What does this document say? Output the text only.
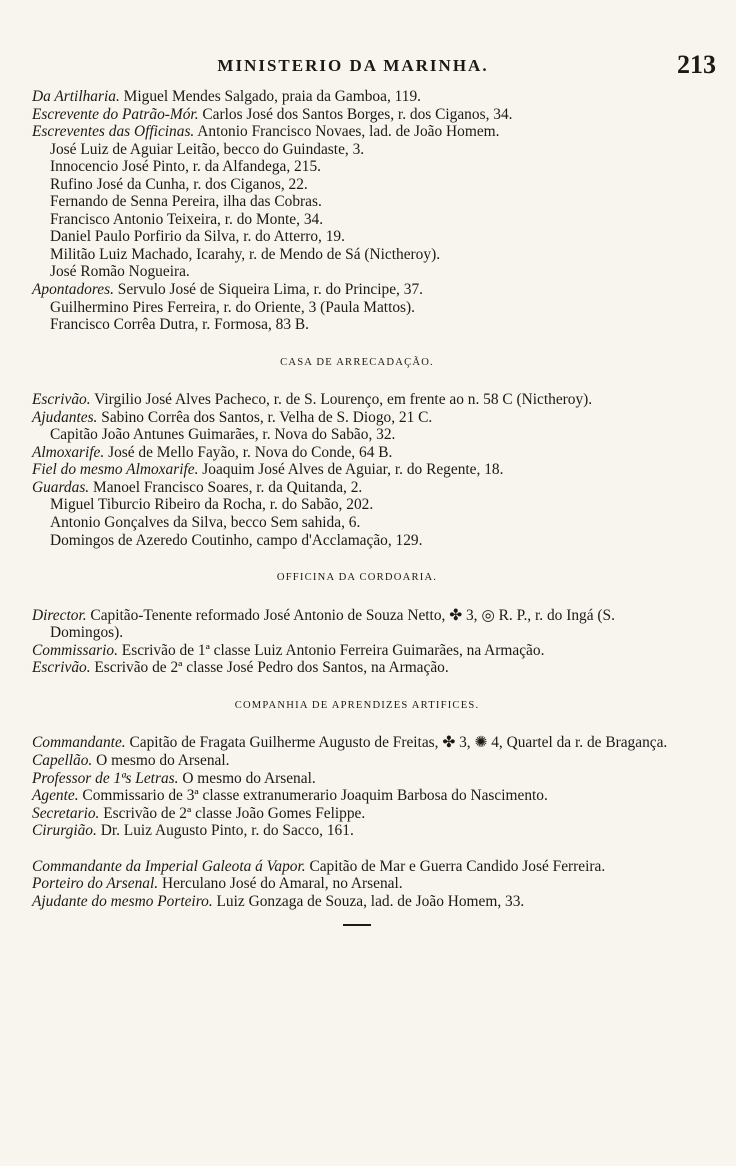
MINISTERIO DA MARINHA.	213
Da Artilharia. Miguel Mendes Salgado, praia da Gamboa, 119.
Escrevente do Patrão-Mór. Carlos José dos Santos Borges, r. dos Ciganos, 34.
Escreventes das Officinas. Antonio Francisco Novaes, lad. de João Homem.
José Luiz de Aguiar Leitão, becco do Guindaste, 3.
Innocencio José Pinto, r. da Alfandega, 215.
Rufino José da Cunha, r. dos Ciganos, 22.
Fernando de Senna Pereira, ilha das Cobras.
Francisco Antonio Teixeira, r. do Monte, 34.
Daniel Paulo Porfirio da Silva, r. do Atterro, 19.
Militão Luiz Machado, Icarahy, r. de Mendo de Sá (Nictheroy).
José Romão Nogueira.
Apontadores. Servulo José de Siqueira Lima, r. do Principe, 37.
Guilhermino Pires Ferreira, r. do Oriente, 3 (Paula Mattos).
Francisco Corrêa Dutra, r. Formosa, 83 B.
CASA DE ARRECADAÇÃO.
Escrivão. Virgilio José Alves Pacheco, r. de S. Lourenço, em frente ao n. 58 C (Nictheroy).
Ajudantes. Sabino Corrêa dos Santos, r. Velha de S. Diogo, 21 C.
Capitão João Antunes Guimarães, r. Nova do Sabão, 32.
Almoxarife. José de Mello Fayão, r. Nova do Conde, 64 B.
Fiel do mesmo Almoxarife. Joaquim José Alves de Aguiar, r. do Regente, 18.
Guardas. Manoel Francisco Soares, r. da Quitanda, 2.
Miguel Tiburcio Ribeiro da Rocha, r. do Sabão, 202.
Antonio Gonçalves da Silva, becco Sem sahida, 6.
Domingos de Azeredo Coutinho, campo d'Acclamação, 129.
OFFICINA DA CORDOARIA.
Director. Capitão-Tenente reformado José Antonio de Souza Netto, ✤ 3, ◎ R. P., r. do Ingá (S. Domingos).
Commissario. Escrivão de 1ª classe Luiz Antonio Ferreira Guimarães, na Armação.
Escrivão. Escrivão de 2ª classe José Pedro dos Santos, na Armação.
COMPANHIA DE APRENDIZES ARTIFICES.
Commandante. Capitão de Fragata Guilherme Augusto de Freitas, ✤ 3, ✺ 4, Quartel da r. de Bragança.
Capellão. O mesmo do Arsenal.
Professor de 1ªs Letras. O mesmo do Arsenal.
Agente. Commissario de 3ª classe extranumerario Joaquim Barbosa do Nascimento.
Secretario. Escrivão de 2ª classe João Gomes Felippe.
Cirurgião. Dr. Luiz Augusto Pinto, r. do Sacco, 161.
Commandante da Imperial Galeota á Vapor. Capitão de Mar e Guerra Candido José Ferreira.
Porteiro do Arsenal. Herculano José do Amaral, no Arsenal.
Ajudante do mesmo Porteiro. Luiz Gonzaga de Souza, lad. de João Homem, 33.
